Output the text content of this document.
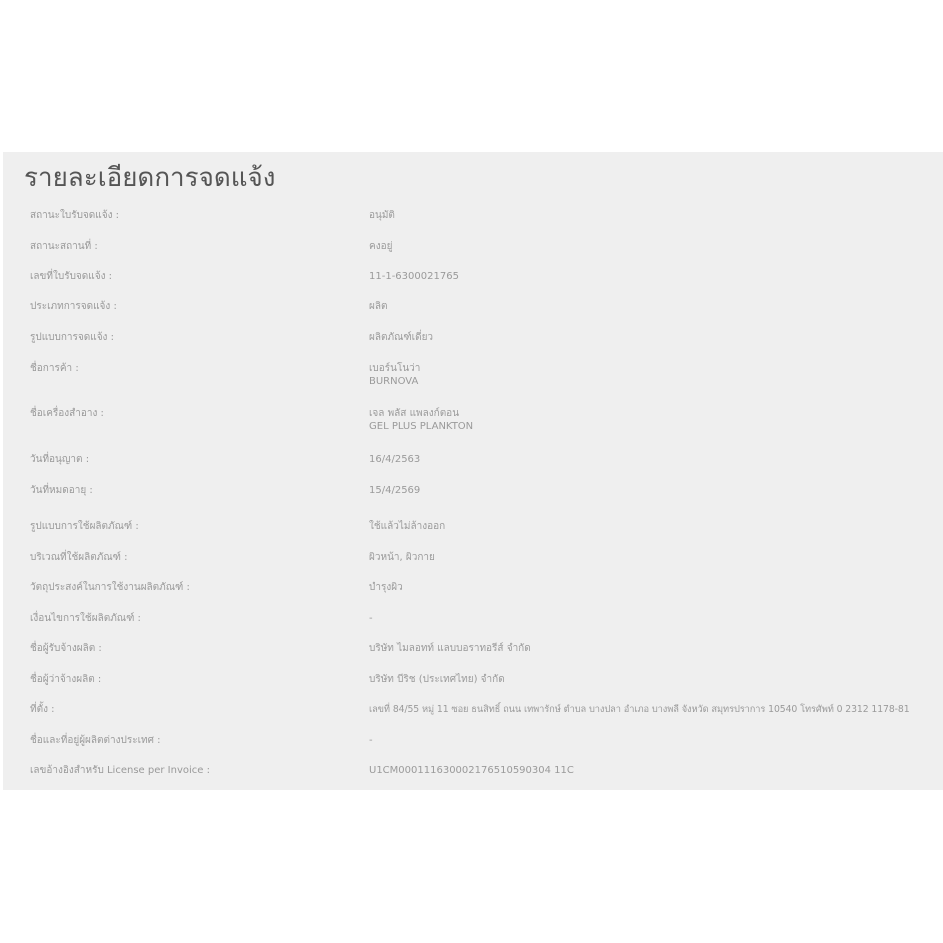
รายละเอียดการจดแจ้ง
สถานะใบรับจดแจ้ง :	อนุมัติ
สถานะสถานที่ :	คงอยู่
เลขที่ใบรับจดแจ้ง :	11-1-6300021765
ประเภทการจดแจ้ง :	ผลิต
รูปแบบการจดแจ้ง :	ผลิตภัณฑ์เดี่ยว
ชื่อการค้า :	เบอร์นโนว่า
BURNOVA
ชื่อเครื่องสำอาง :	เจล พลัส แพลงก์ตอน
GEL PLUS PLANKTON
วันที่อนุญาต :	16/4/2563
วันที่หมดอายุ :	15/4/2569
รูปแบบการใช้ผลิตภัณฑ์ :	ใช้แล้วไม่ล้างออก
บริเวณที่ใช้ผลิตภัณฑ์ :	ผิวหน้า, ผิวกาย
วัตถุประสงค์ในการใช้งานผลิตภัณฑ์ :	บำรุงผิว
เงื่อนไขการใช้ผลิตภัณฑ์ :	-
ชื่อผู้รับจ้างผลิต :	บริษัท ไมลอทท์ แลบบอราทอรีส์ จำกัด
ชื่อผู้ว่าจ้างผลิต :	บริษัท บีริช (ประเทศไทย) จำกัด
ที่ตั้ง :	เลขที่ 84/55 หมู่ 11 ซอย ธนสิทธิ์ ถนน เทพารักษ์ ตำบล บางปลา อำเภอ บางพลี จังหวัด สมุทรปราการ 10540 โทรศัพท์ 0 2312 1178-81
ชื่อและที่อยู่ผู้ผลิตต่างประเทศ :	-
เลขอ้างอิงสำหรับ License per Invoice :	U1CM000111630002176510590304 11C
